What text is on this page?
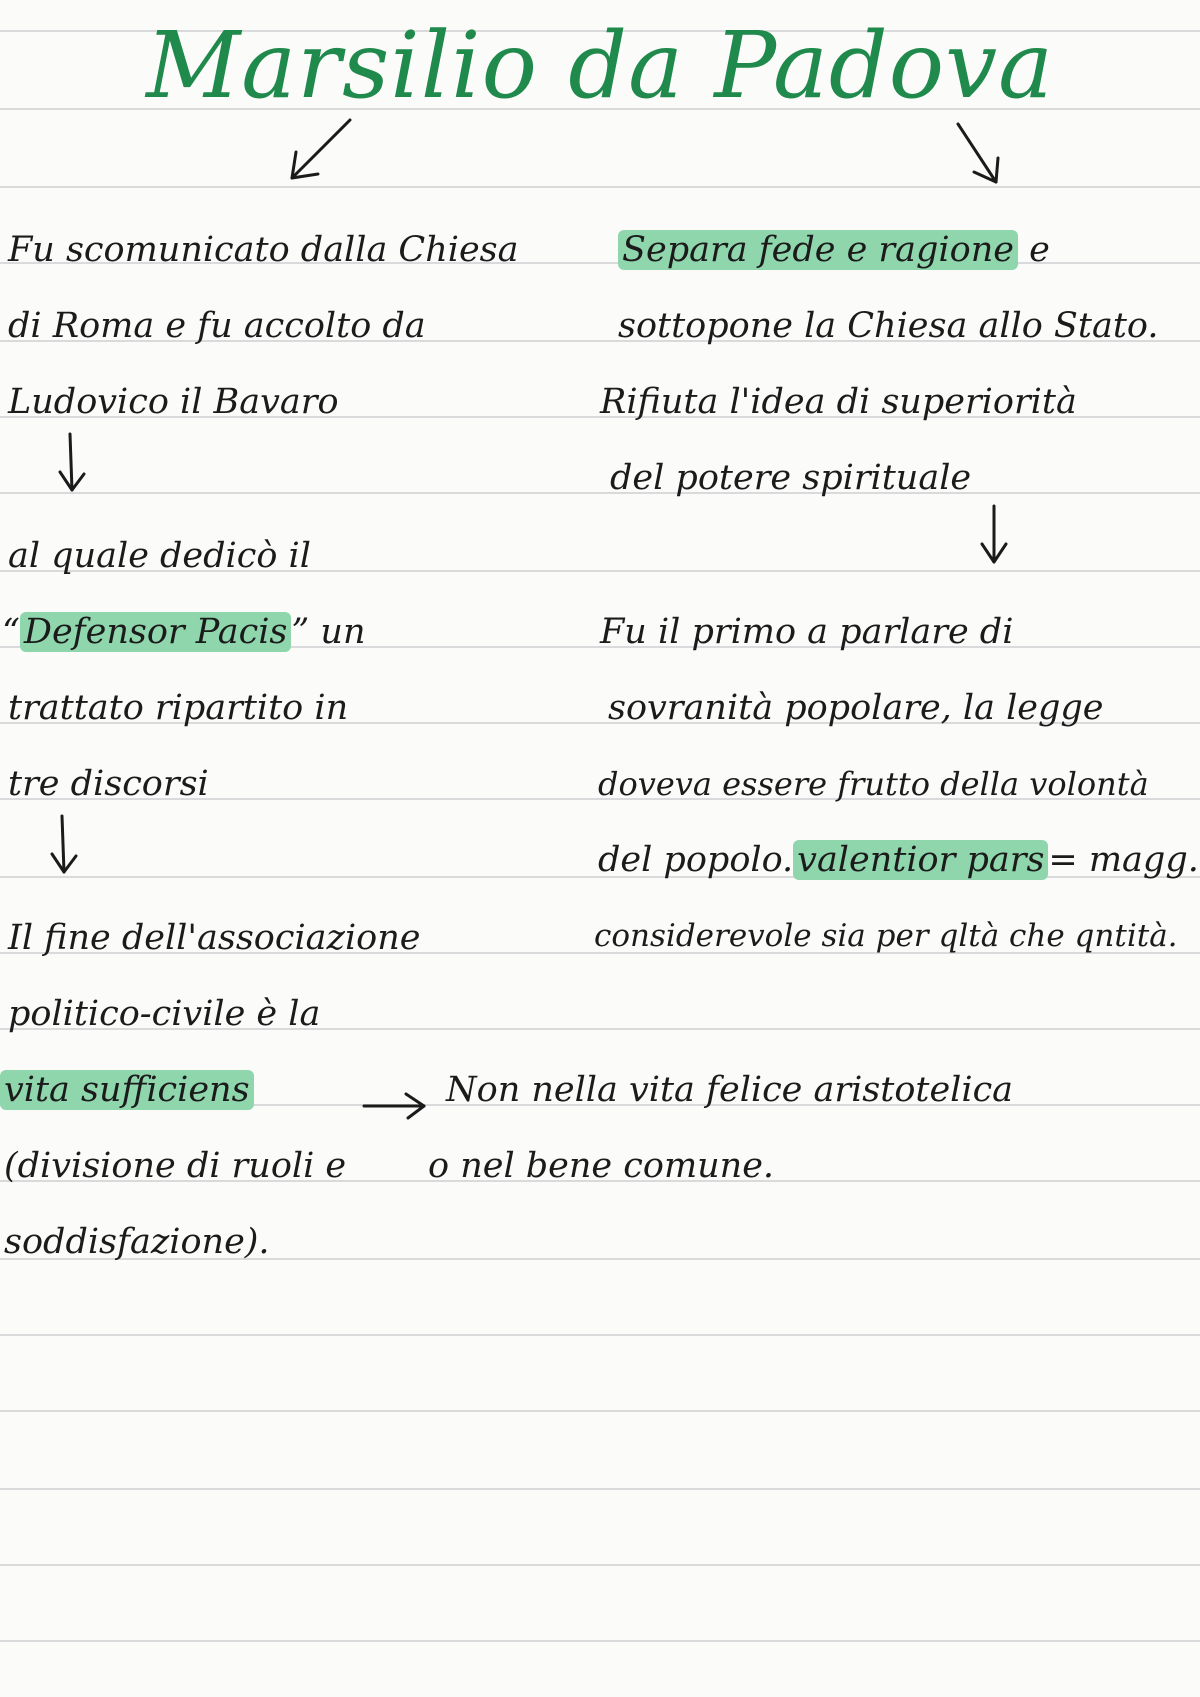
Marsilio da Padova
Fu scomunicato dalla Chiesa
di Roma e fu accolto da
Ludovico il Bavaro
al quale dedicò il
“ Defensor Pacis ” un
trattato ripartito in
tre discorsi
Il fine dell'associazione
politico-civile è la
vita sufficiens
(divisione di ruoli e
soddisfazione).
Separa fede e ragione e
sottopone la Chiesa allo Stato.
Rifiuta l'idea di superiorità
del potere spirituale
Fu il primo a parlare di
sovranità popolare, la legge
doveva essere frutto della volontà
del popolo. valentior pars = magg.
considerevole sia per qltà che qntità.
Non nella vita felice aristotelica
o nel bene comune.
